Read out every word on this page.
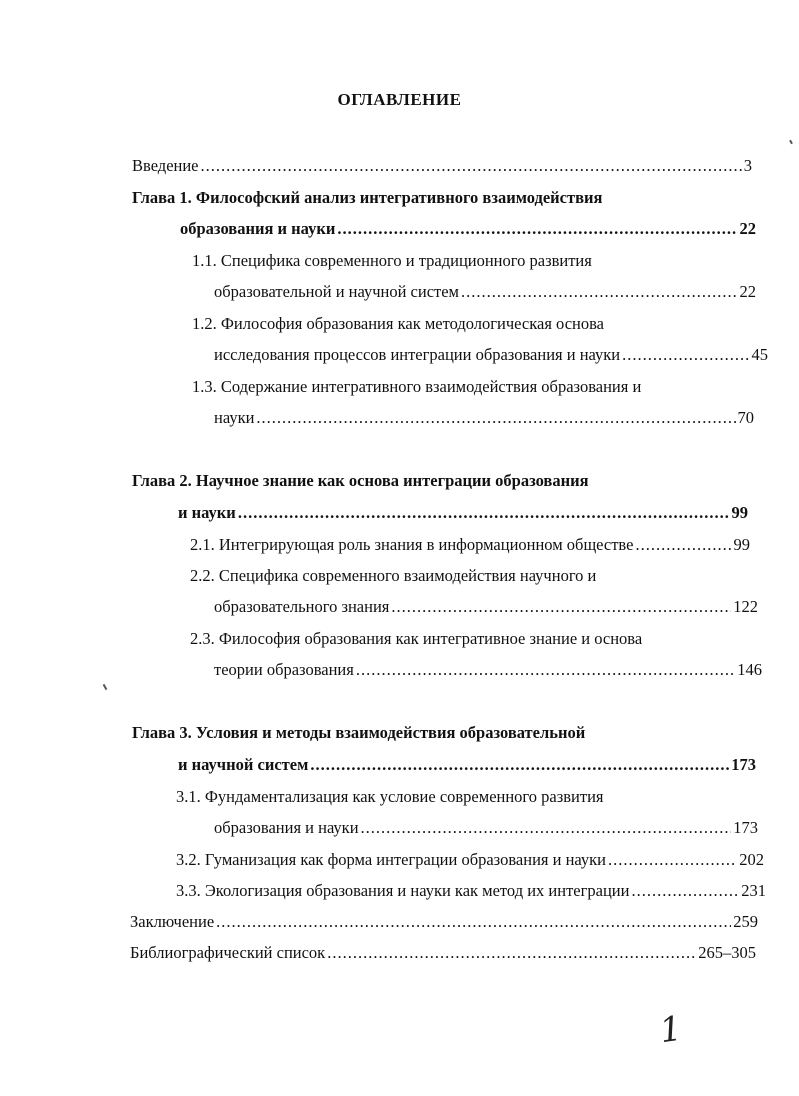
ОГЛАВЛЕНИЕ
Введение .....	3
Глава 1. Философский анализ интегративного взаимодействия
образования и науки .....	22
1.1. Специфика современного и традиционного развития
образовательной и научной систем .....	22
1.2. Философия образования как методологическая основа
исследования процессов интеграции образования и науки .....	45
1.3. Содержание интегративного взаимодействия образования и
науки .....	70
Глава 2. Научное знание как основа интеграции образования
и науки .....	99
2.1. Интегрирующая роль знания в информационном обществе .....	99
2.2. Специфика современного взаимодействия научного и
образовательного знания .....	122
2.3. Философия образования как интегративное знание и основа
теории образования .....	146
Глава 3. Условия и методы взаимодействия образовательной
и научной систем .....	173
3.1. Фундаментализация как условие современного развития
образования и науки .....	173
3.2. Гуманизация как форма интеграции образования и науки .....	202
3.3. Экологизация образования и науки как метод их интеграции .....	231
Заключение .....	259
Библиографический список .....	265–305
1
